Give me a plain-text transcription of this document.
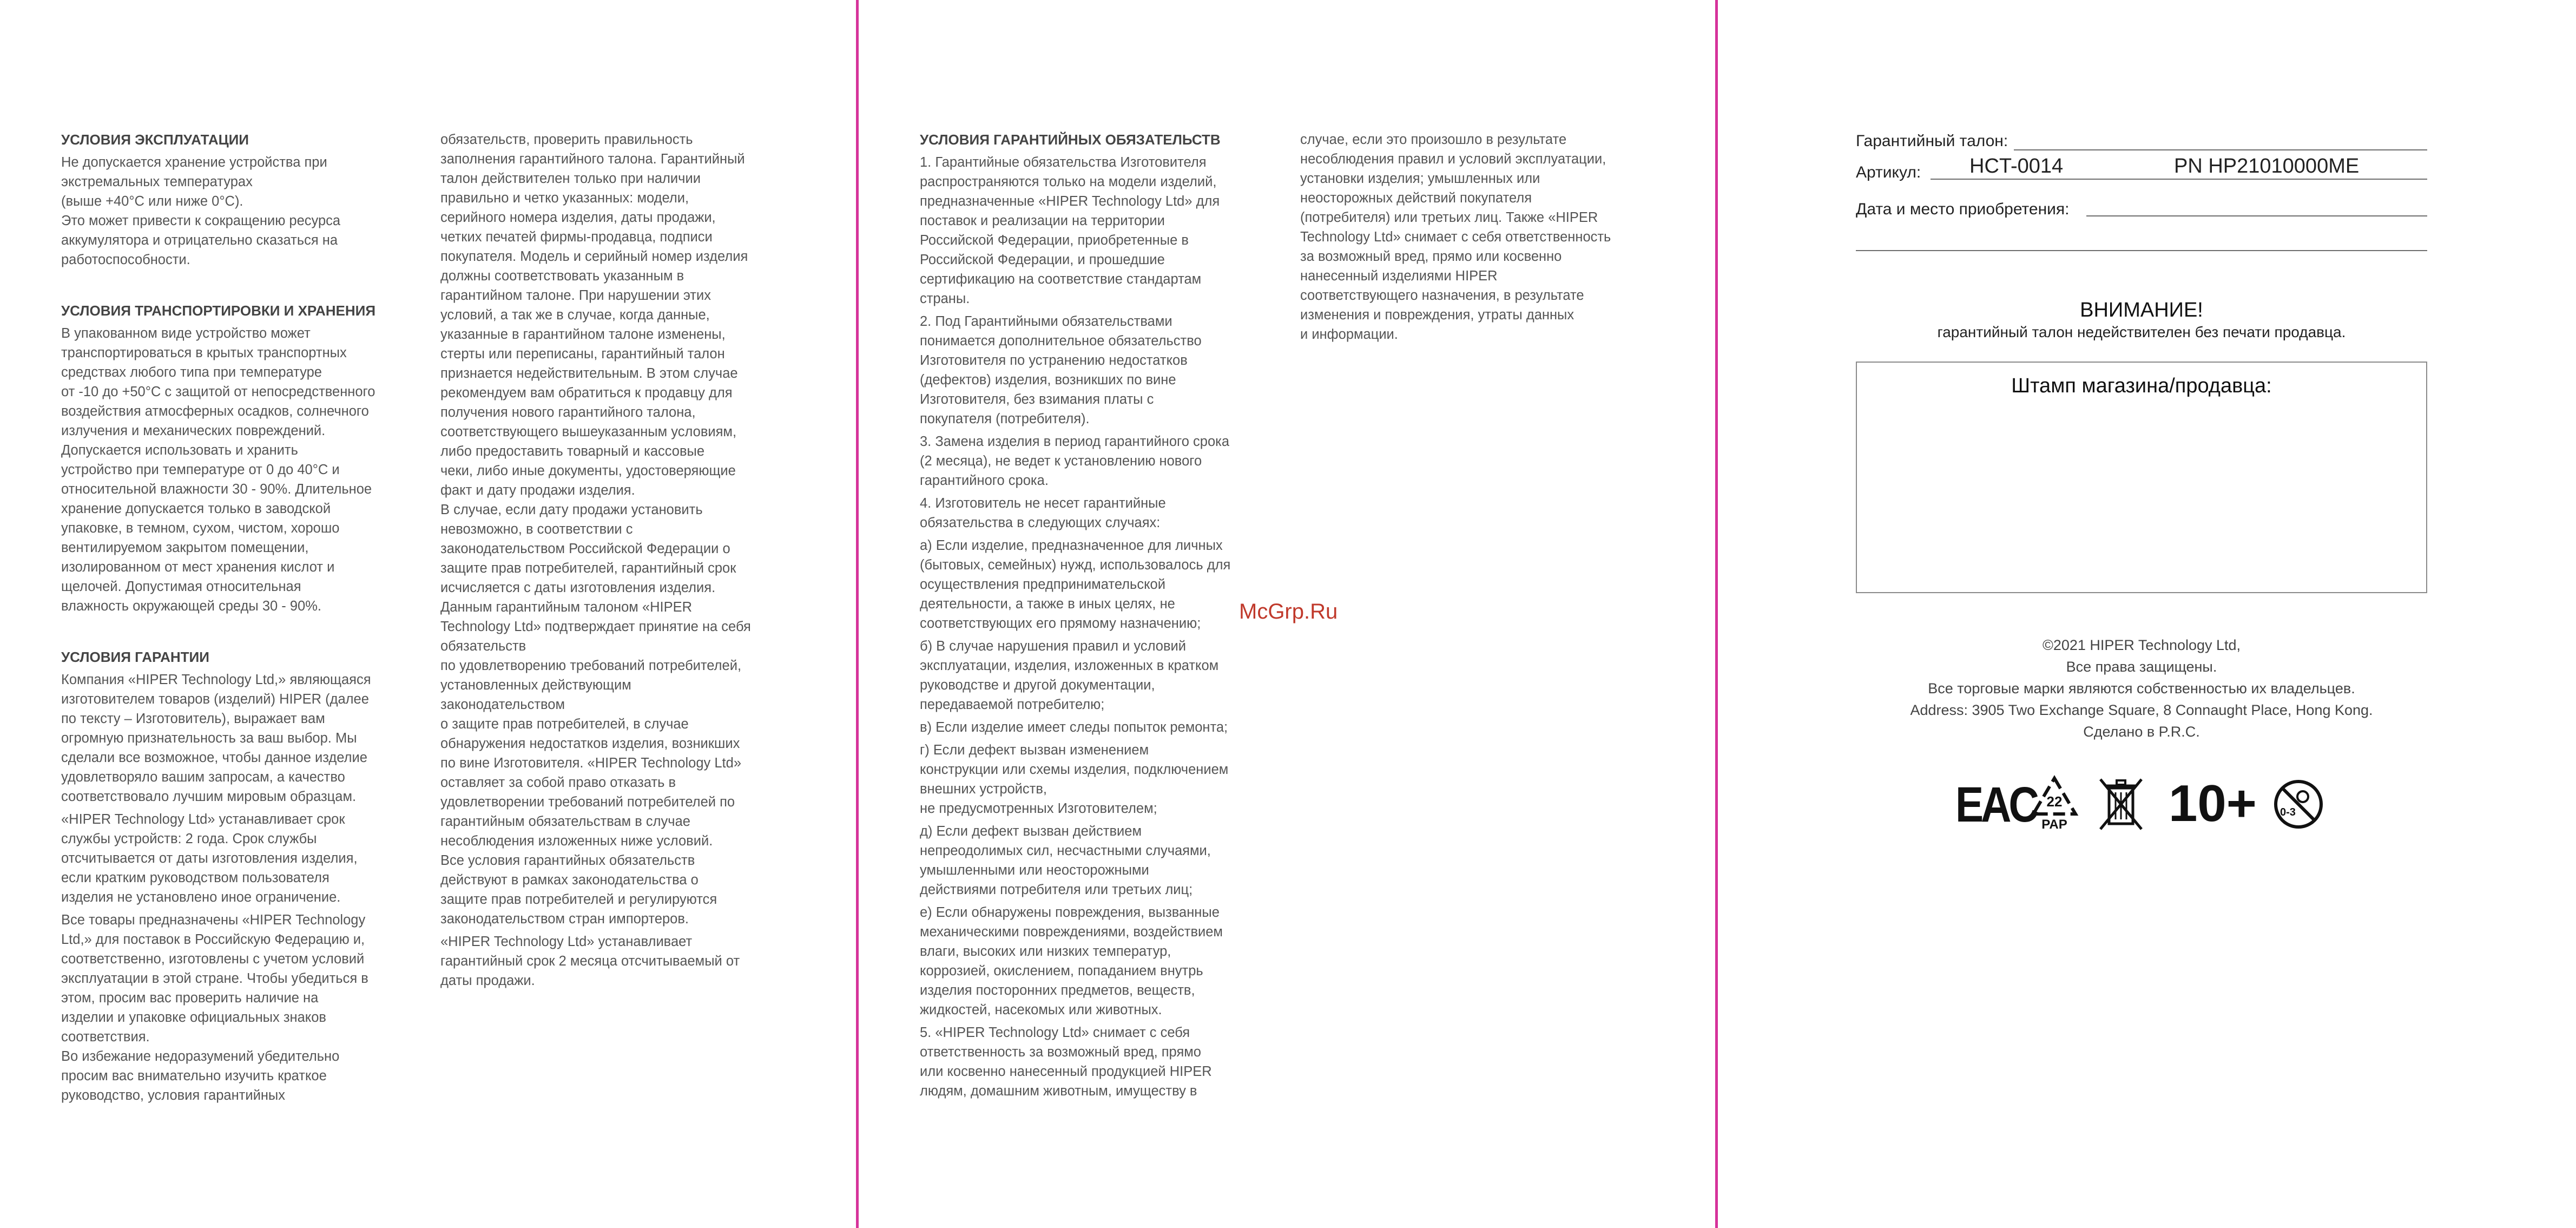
УСЛОВИЯ ЭКСПЛУАТАЦИИ

Не допускается хранение устройства при
экстремальных температурах
(выше +40°С или ниже 0°С).
Это может привести к сокращению ресурса
аккумулятора и отрицательно сказаться на
работоспособности.

УСЛОВИЯ ТРАНСПОРТИРОВКИ И ХРАНЕНИЯ

В упакованном виде устройство может
транспортироваться в крытых транспортных
средствах любого типа при температуре
от -10 до +50°С с защитой от непосредственного
воздействия атмосферных осадков, солнечного
излучения и механических повреждений.
Допускается использовать и хранить
устройство при температуре от 0 до 40°С и
относительной влажности 30 - 90%. Длительное
хранение допускается только в заводской
упаковке, в темном, сухом, чистом, хорошо
вентилируемом закрытом помещении,
изолированном от мест хранения кислот и
щелочей. Допустимая относительная
влажность окружающей среды 30 - 90%.

УСЛОВИЯ ГАРАНТИИ

Компания «HIPER Technology Ltd,» являющаяся
изготовителем товаров (изделий) HIPER (далее
по тексту – Изготовитель), выражает вам
огромную признательность за ваш выбор. Мы
сделали все возможное, чтобы данное изделие
удовлетворяло вашим запросам, а качество
соответствовало лучшим мировым образцам.

«HIPER Technology Ltd» устанавливает срок
службы устройств: 2 года. Срок службы
отсчитывается от даты изготовления изделия,
если кратким руководством пользователя
изделия не установлено иное ограничение.

Все товары предназначены «HIPER Technology
Ltd,» для поставок в Российскую Федерацию и,
соответственно, изготовлены с учетом условий
эксплуатации в этой стране. Чтобы убедиться в
этом, просим вас проверить наличие на
изделии и упаковке официальных знаков
соответствия.
Во избежание недоразумений убедительно
просим вас внимательно изучить краткое
руководство, условия гарантийных

обязательств, проверить правильность
заполнения гарантийного талона. Гарантийный
талон действителен только при наличии
правильно и четко указанных: модели,
серийного номера изделия, даты продажи,
четких печатей фирмы-продавца, подписи
покупателя. Модель и серийный номер изделия
должны соответствовать указанным в
гарантийном талоне. При нарушении этих
условий, а так же в случае, когда данные,
указанные в гарантийном талоне изменены,
стерты или переписаны, гарантийный талон
признается недействительным. В этом случае
рекомендуем вам обратиться к продавцу для
получения нового гарантийного талона,
соответствующего вышеуказанным условиям,
либо предоставить товарный и кассовые
чеки, либо иные документы, удостоверяющие
факт и дату продажи изделия.
В случае, если дату продажи установить
невозможно, в соответствии с
законодательством Российской Федерации о
защите прав потребителей, гарантийный срок
исчисляется с даты изготовления изделия.
Данным гарантийным талоном «HIPER
Technology Ltd» подтверждает принятие на себя
обязательств
по удовлетворению требований потребителей,
установленных действующим
законодательством
о защите прав потребителей, в случае
обнаружения недостатков изделия, возникших
по вине Изготовителя. «HIPER Technology Ltd»
оставляет за собой право отказать в
удовлетворении требований потребителей по
гарантийным обязательствам в случае
несоблюдения изложенных ниже условий.
Все условия гарантийных обязательств
действуют в рамках законодательства о
защите прав потребителей и регулируются
законодательством стран импортеров.

«HIPER Technology Ltd» устанавливает
гарантийный срок 2 месяца отсчитываемый от
даты продажи.

УСЛОВИЯ ГАРАНТИЙНЫХ ОБЯЗАТЕЛЬСТВ

1. Гарантийные обязательства Изготовителя
распространяются только на модели изделий,
предназначенные «HIPER Technology Ltd» для
поставок и реализации на территории
Российской Федерации, приобретенные в
Российской Федерации, и прошедшие
сертификацию на соответствие стандартам
страны.

2. Под Гарантийными обязательствами
понимается дополнительное обязательство
Изготовителя по устранению недостатков
(дефектов) изделия, возникших по вине
Изготовителя, без взимания платы с
покупателя (потребителя).

3. Замена изделия в период гарантийного срока
(2 месяца), не ведет к установлению нового
гарантийного срока.

4. Изготовитель не несет гарантийные
обязательства в следующих случаях:

а) Если изделие, предназначенное для личных
(бытовых, семейных) нужд, использовалось для
осуществления предпринимательской
деятельности, а также в иных целях, не
соответствующих его прямому назначению;

б) В случае нарушения правил и условий
эксплуатации, изделия, изложенных в кратком
руководстве и другой документации,
передаваемой потребителю;

в) Если изделие имеет следы попыток ремонта;

г) Если дефект вызван изменением
конструкции или схемы изделия, подключением
внешних устройств,
не предусмотренных Изготовителем;

д) Если дефект вызван действием
непреодолимых сил, несчастными случаями,
умышленными или неосторожными
действиями потребителя или третьих лиц;

е) Если обнаружены повреждения, вызванные
механическими повреждениями, воздействием
влаги, высоких или низких температур,
коррозией, окислением, попаданием внутрь
изделия посторонних предметов, веществ,
жидкостей, насекомых или животных.

5. «HIPER Technology Ltd» снимает с себя
ответственность за возможный вред, прямо
или косвенно нанесенный продукцией HIPER
людям, домашним животным, имуществу в

случае, если это произошло в результате
несоблюдения правил и условий эксплуатации,
установки изделия; умышленных или
неосторожных действий покупателя
(потребителя) или третьих лиц. Также «HIPER
Technology Ltd» снимает с себя ответственность
за возможный вред, прямо или косвенно
нанесенный изделиями HIPER
соответствующего назначения, в результате
изменения и повреждения, утраты данных
и информации.

McGrp.Ru
Гарантийный талон:
Артикул: HCT-0014	PN HP21010000ME
Дата и место приобретения:
ВНИМАНИЕ!
гарантийный талон недействителен без печати продавца.
Штамп магазина/продавца:
©2021 HIPER Technology Ltd,
Все права защищены.
Все торговые марки являются собственностью их владельцев.
Address: 3905 Two Exchange Square, 8 Connaught Place, Hong Kong.
Сделано в P.R.C.
EAC 22
PAP 10+ 0-3
